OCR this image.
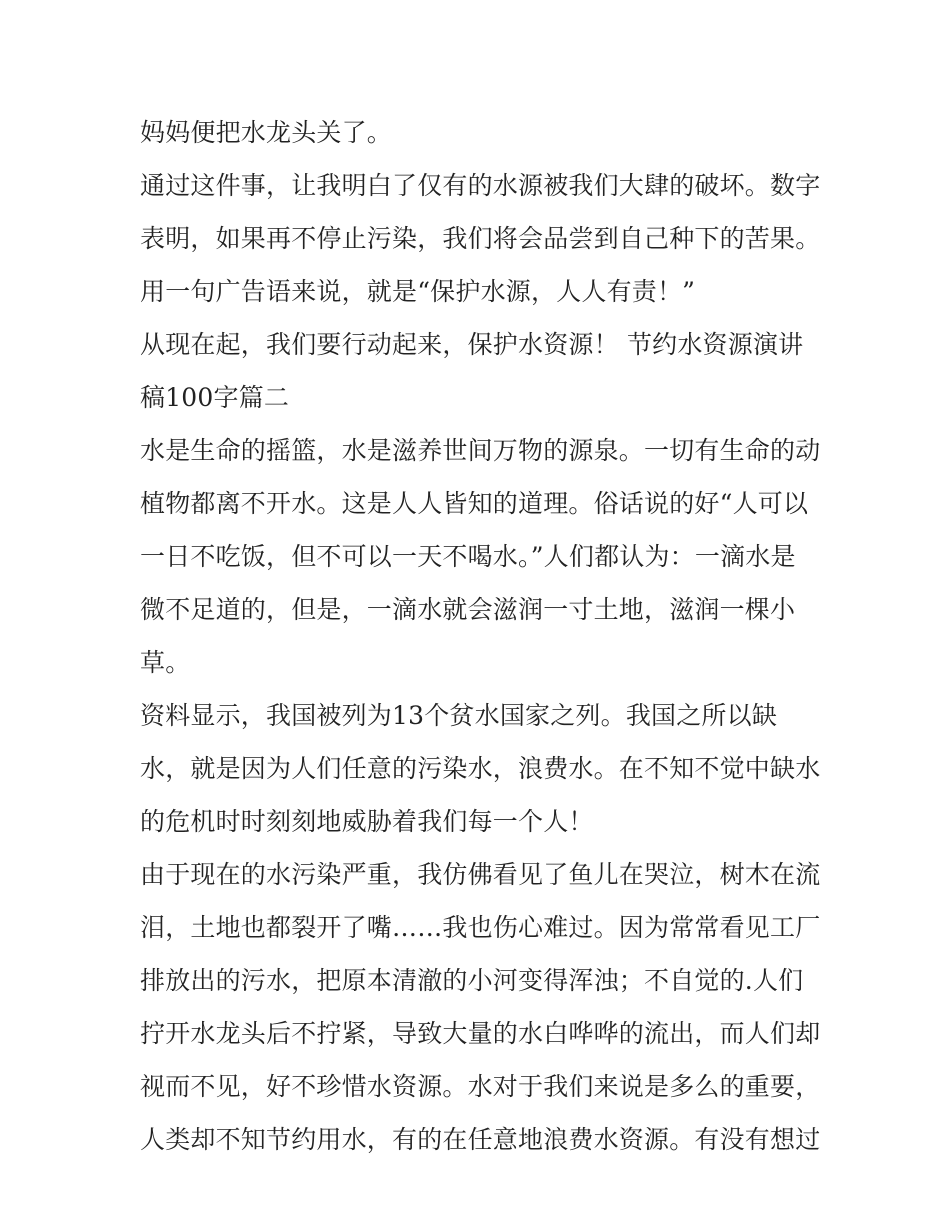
妈妈便把水龙头关了。
通过这件事，让我明白了仅有的水源被我们大肆的破坏。数字
表明，如果再不停止污染，我们将会品尝到自己种下的苦果。
用一句广告语来说，就是“保护水源，人人有责！”
从现在起，我们要行动起来，保护水资源！ 节约水资源演讲
稿100字篇二
水是生命的摇篮，水是滋养世间万物的源泉。一切有生命的动
植物都离不开水。这是人人皆知的道理。俗话说的好“人可以
一日不吃饭，但不可以一天不喝水。”人们都认为：一滴水是
微不足道的，但是，一滴水就会滋润一寸土地，滋润一棵小
草。
资料显示，我国被列为13个贫水国家之列。我国之所以缺
水，就是因为人们任意的污染水，浪费水。在不知不觉中缺水
的危机时时刻刻地威胁着我们每一个人！
由于现在的水污染严重，我仿佛看见了鱼儿在哭泣，树木在流
泪，土地也都裂开了嘴……我也伤心难过。因为常常看见工厂
排放出的污水，把原本清澈的小河变得浑浊；不自觉的.人们
拧开水龙头后不拧紧，导致大量的水白哗哗的流出，而人们却
视而不见，好不珍惜水资源。水对于我们来说是多么的重要，
人类却不知节约用水，有的在任意地浪费水资源。有没有想过
